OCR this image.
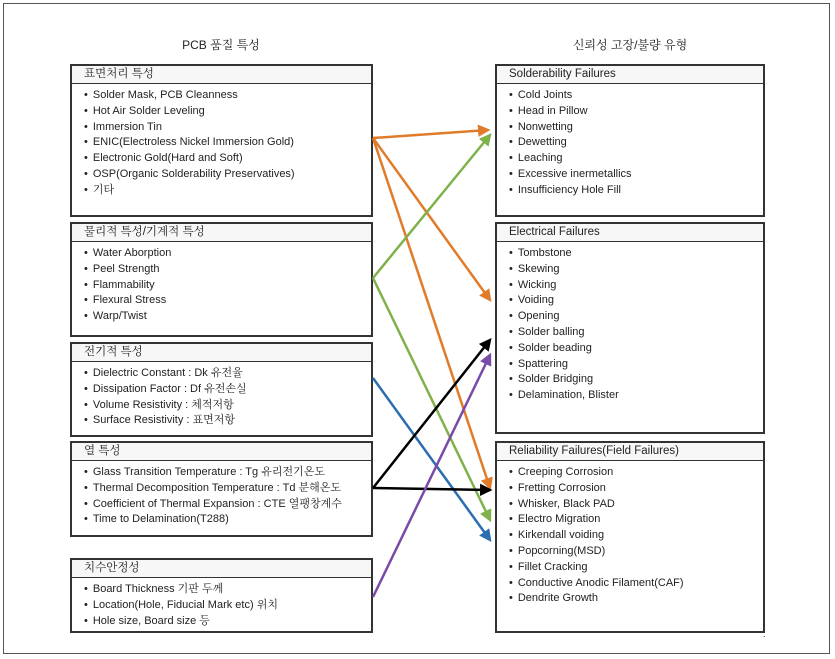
PCB 품질 특성	신뢰성 고장/불량 유형
표면처리 특성
• Solder Mask, PCB Cleanness
• Hot Air Solder Leveling
• Immersion Tin
• ENIC(Electroless Nickel Immersion Gold)
• Electronic Gold(Hard and Soft)
• OSP(Organic Solderability Preservatives)
• 기타
물리적 특성/기계적 특성
• Water Aborption
• Peel Strength
• Flammability
• Flexural Stress
• Warp/Twist
전기적 특성
• Dielectric Constant : Dk 유전율
• Dissipation Factor : Df 유전손실
• Volume Resistivity : 체적저항
• Surface Resistivity : 표면저항
열 특성
• Glass Transition Temperature : Tg 유리전기온도
• Thermal Decomposition Temperature : Td 분해온도
• Coefficient of Thermal Expansion : CTE 열팽창계수
• Time to Delamination(T288)
치수안정성
• Board Thickness 기판 두께
• Location(Hole, Fiducial Mark etc) 위치
• Hole size, Board size 등
Solderability Failures
• Cold Joints
• Head in Pillow
• Nonwetting
• Dewetting
• Leaching
• Excessive inermetallics
• Insufficiency Hole Fill
Electrical Failures
• Tombstone
• Skewing
• Wicking
• Voiding
• Opening
• Solder balling
• Solder beading
• Spattering
• Solder Bridging
• Delamination, Blister
Reliability Failures(Field Failures)
• Creeping Corrosion
• Fretting Corrosion
• Whisker, Black PAD
• Electro Migration
• Kirkendall voiding
• Popcorning(MSD)
• Fillet Cracking
• Conductive Anodic Filament(CAF)
• Dendrite Growth
.
